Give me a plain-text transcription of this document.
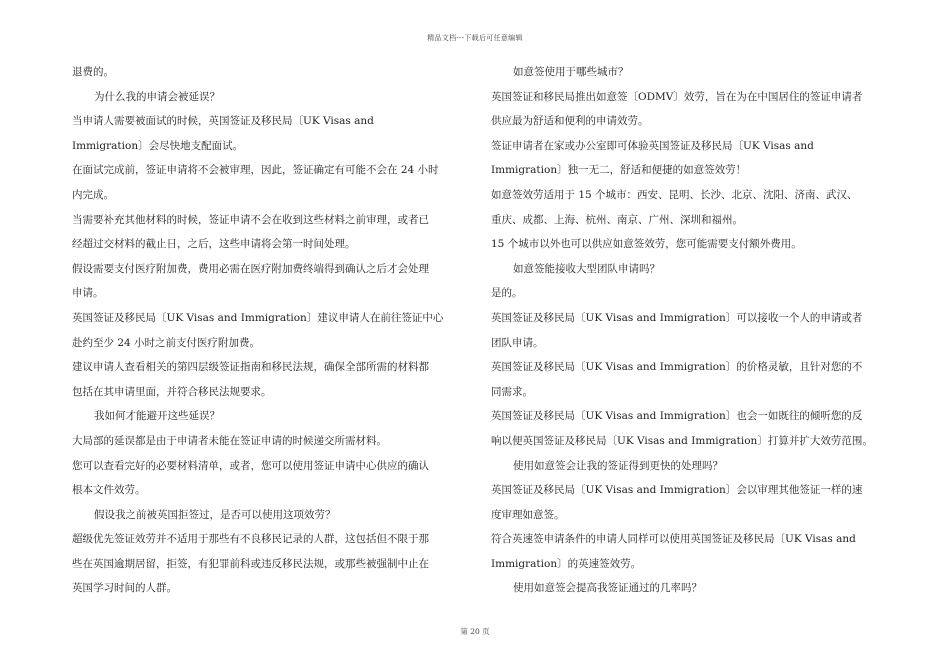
精品文档---下载后可任意编辑
退费的。
为什么我的申请会被延误？
当申请人需要被面试的时候，英国签证及移民局〔UK Visas and
Immigration〕会尽快地支配面试。
在面试完成前，签证申请将不会被审理，因此，签证确定有可能不会在 24 小时
内完成。
当需要补充其他材料的时候，签证申请不会在收到这些材料之前审理，或者已
经超过交材料的截止日，之后，这些申请将会第一时间处理。
假设需要支付医疗附加费，费用必需在医疗附加费终端得到确认之后才会处理
申请。
英国签证及移民局〔UK Visas and Immigration〕建议申请人在前往签证中心
赴约至少 24 小时之前支付医疗附加费。
建议申请人查看相关的第四层级签证指南和移民法规，确保全部所需的材料都
包括在其申请里面，并符合移民法规要求。
我如何才能避开这些延误？
大局部的延误都是由于申请者未能在签证申请的时候递交所需材料。
您可以查看完好的必要材料清单，或者，您可以使用签证申请中心供应的确认
根本文件效劳。
假设我之前被英国拒签过，是否可以使用这项效劳？
超级优先签证效劳并不适用于那些有不良移民记录的人群，这包括但不限于那
些在英国逾期居留，拒签，有犯罪前科或违反移民法规，或那些被强制中止在
英国学习时间的人群。
如意签使用于哪些城市？
英国签证和移民局推出如意签〔ODMV〕效劳，旨在为在中国居住的签证申请者
供应最为舒适和便利的申请效劳。
签证申请者在家或办公室即可体验英国签证及移民局〔UK Visas and
Immigration〕独一无二，舒适和便捷的如意签效劳！
如意签效劳适用于 15 个城市：西安、昆明、长沙、北京、沈阳、济南、武汉、
重庆、成都、上海、杭州、南京、广州、深圳和福州。
15 个城市以外也可以供应如意签效劳，您可能需要支付额外费用。
如意签能接收大型团队申请吗？
是的。
英国签证及移民局〔UK Visas and Immigration〕可以接收一个人的申请或者
团队申请。
英国签证及移民局〔UK Visas and Immigration〕的价格灵敏，且针对您的不
同需求。
英国签证及移民局〔UK Visas and Immigration〕也会一如既往的倾听您的反
响以便英国签证及移民局〔UK Visas and Immigration〕打算并扩大效劳范围。
使用如意签会让我的签证得到更快的处理吗？
英国签证及移民局〔UK Visas and Immigration〕会以审理其他签证一样的速
度审理如意签。
符合英速签申请条件的申请人同样可以使用英国签证及移民局〔UK Visas and
Immigration〕的英速签效劳。
使用如意签会提高我签证通过的几率吗？
第 20 页
